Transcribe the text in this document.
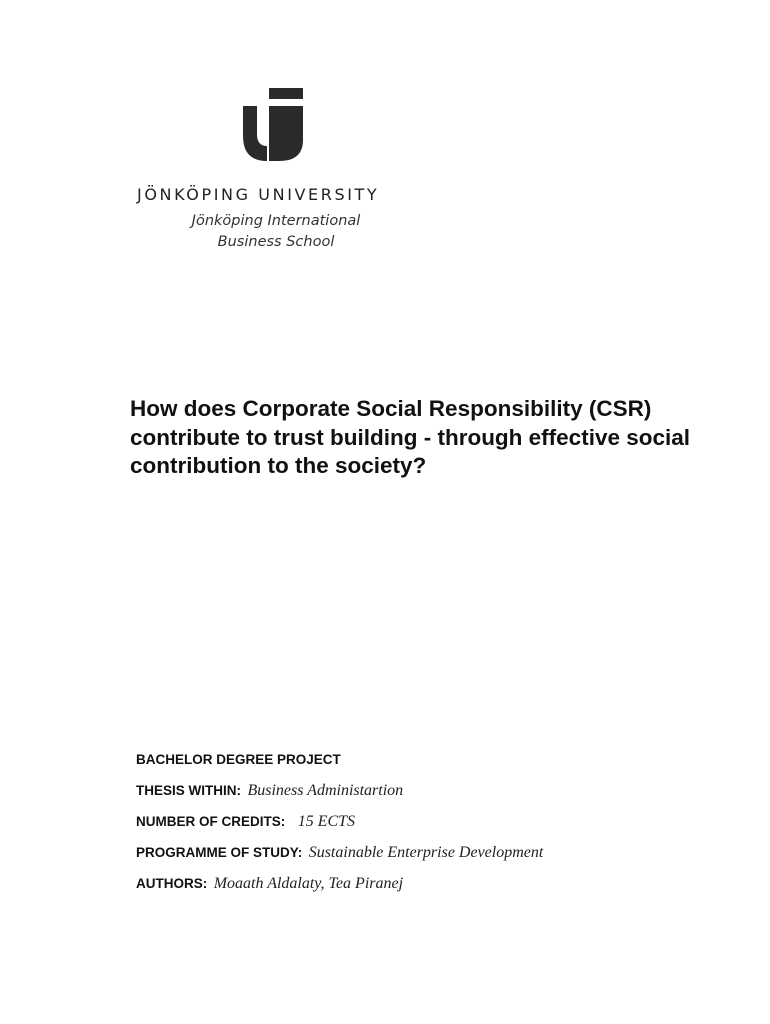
JÖNKÖPING UNIVERSITY
Jönköping International
Business School
How does Corporate Social Responsibility (CSR) contribute to trust building - through effective social contribution to the society?
BACHELOR DEGREE PROJECT
THESIS WITHIN: Business Administartion
NUMBER OF CREDITS: 15 ECTS
PROGRAMME OF STUDY: Sustainable Enterprise Development
AUTHORS: Moaath Aldalaty, Tea Piranej
